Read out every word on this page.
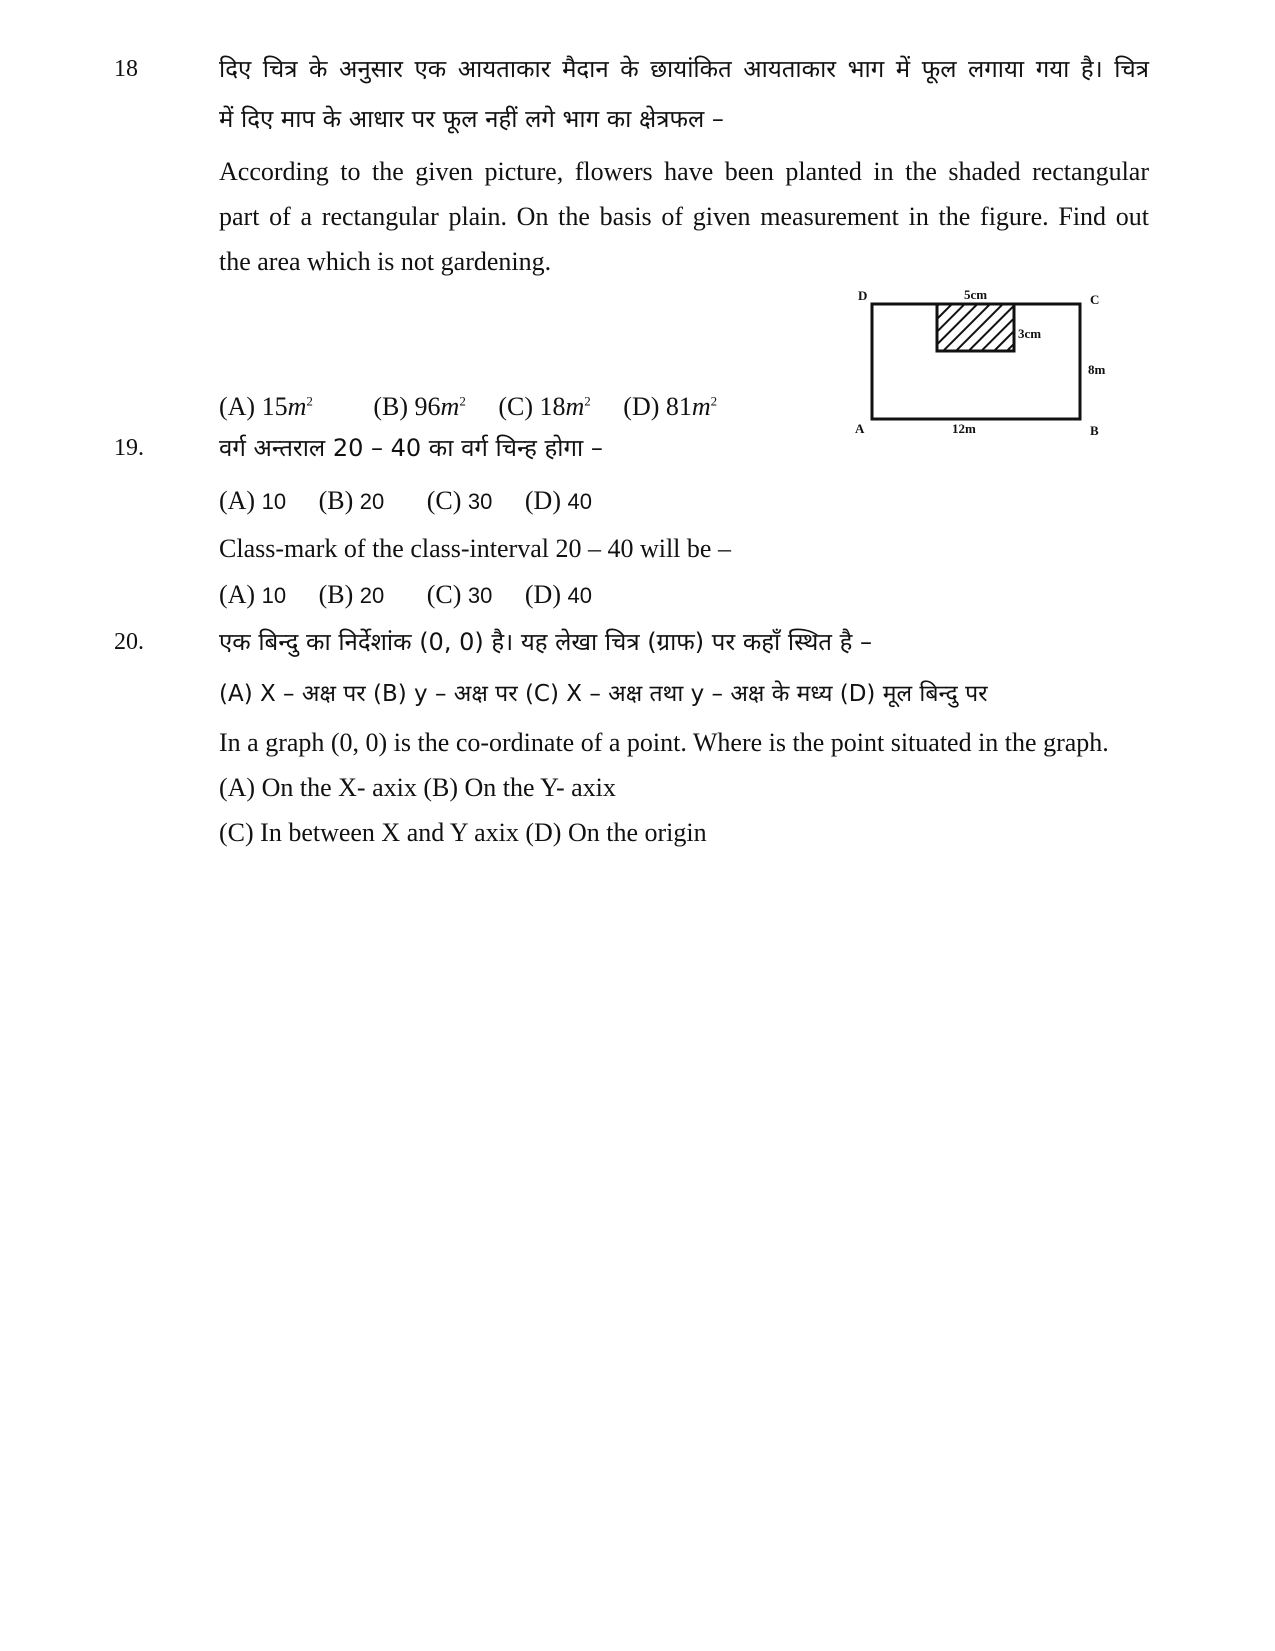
18	दिए चित्र के अनुसार एक आयताकार मैदान के छायांकित आयताकार भाग में फूल लगाया गया है। चित्र
में दिए माप के आधार पर फूल नहीं लगे भाग का क्षेत्रफल –
According to the given picture, flowers have been planted in the shaded rectangular
part of a rectangular plain. On the basis of given measurement in the figure. Find out
the area which is not gardening.
(A) $15m^2$ (B) $96m^2$ (C) $18m^2$ (D) $81m^2$
D	C
A	B
5cm
3cm
8m
12m
19.	वर्ग अन्तराल 20 – 40 का वर्ग चिन्ह होगा –
(A) 10 (B) 20 (C) 30 (D) 40
Class-mark of the class-interval 20 – 40 will be –
(A) 10 (B) 20 (C) 30 (D) 40
20.	एक बिन्दु का निर्देशांक (0, 0) है। यह लेखा चित्र (ग्राफ) पर कहाँ स्थित है –
(A) X – अक्ष पर (B) y – अक्ष पर (C) X – अक्ष तथा y – अक्ष के मध्य (D) मूल बिन्दु पर
In a graph (0, 0) is the co-ordinate of a point. Where is the point situated in the graph.
(A) On the X- axix (B) On the Y- axix
(C) In between X and Y axix (D) On the origin
